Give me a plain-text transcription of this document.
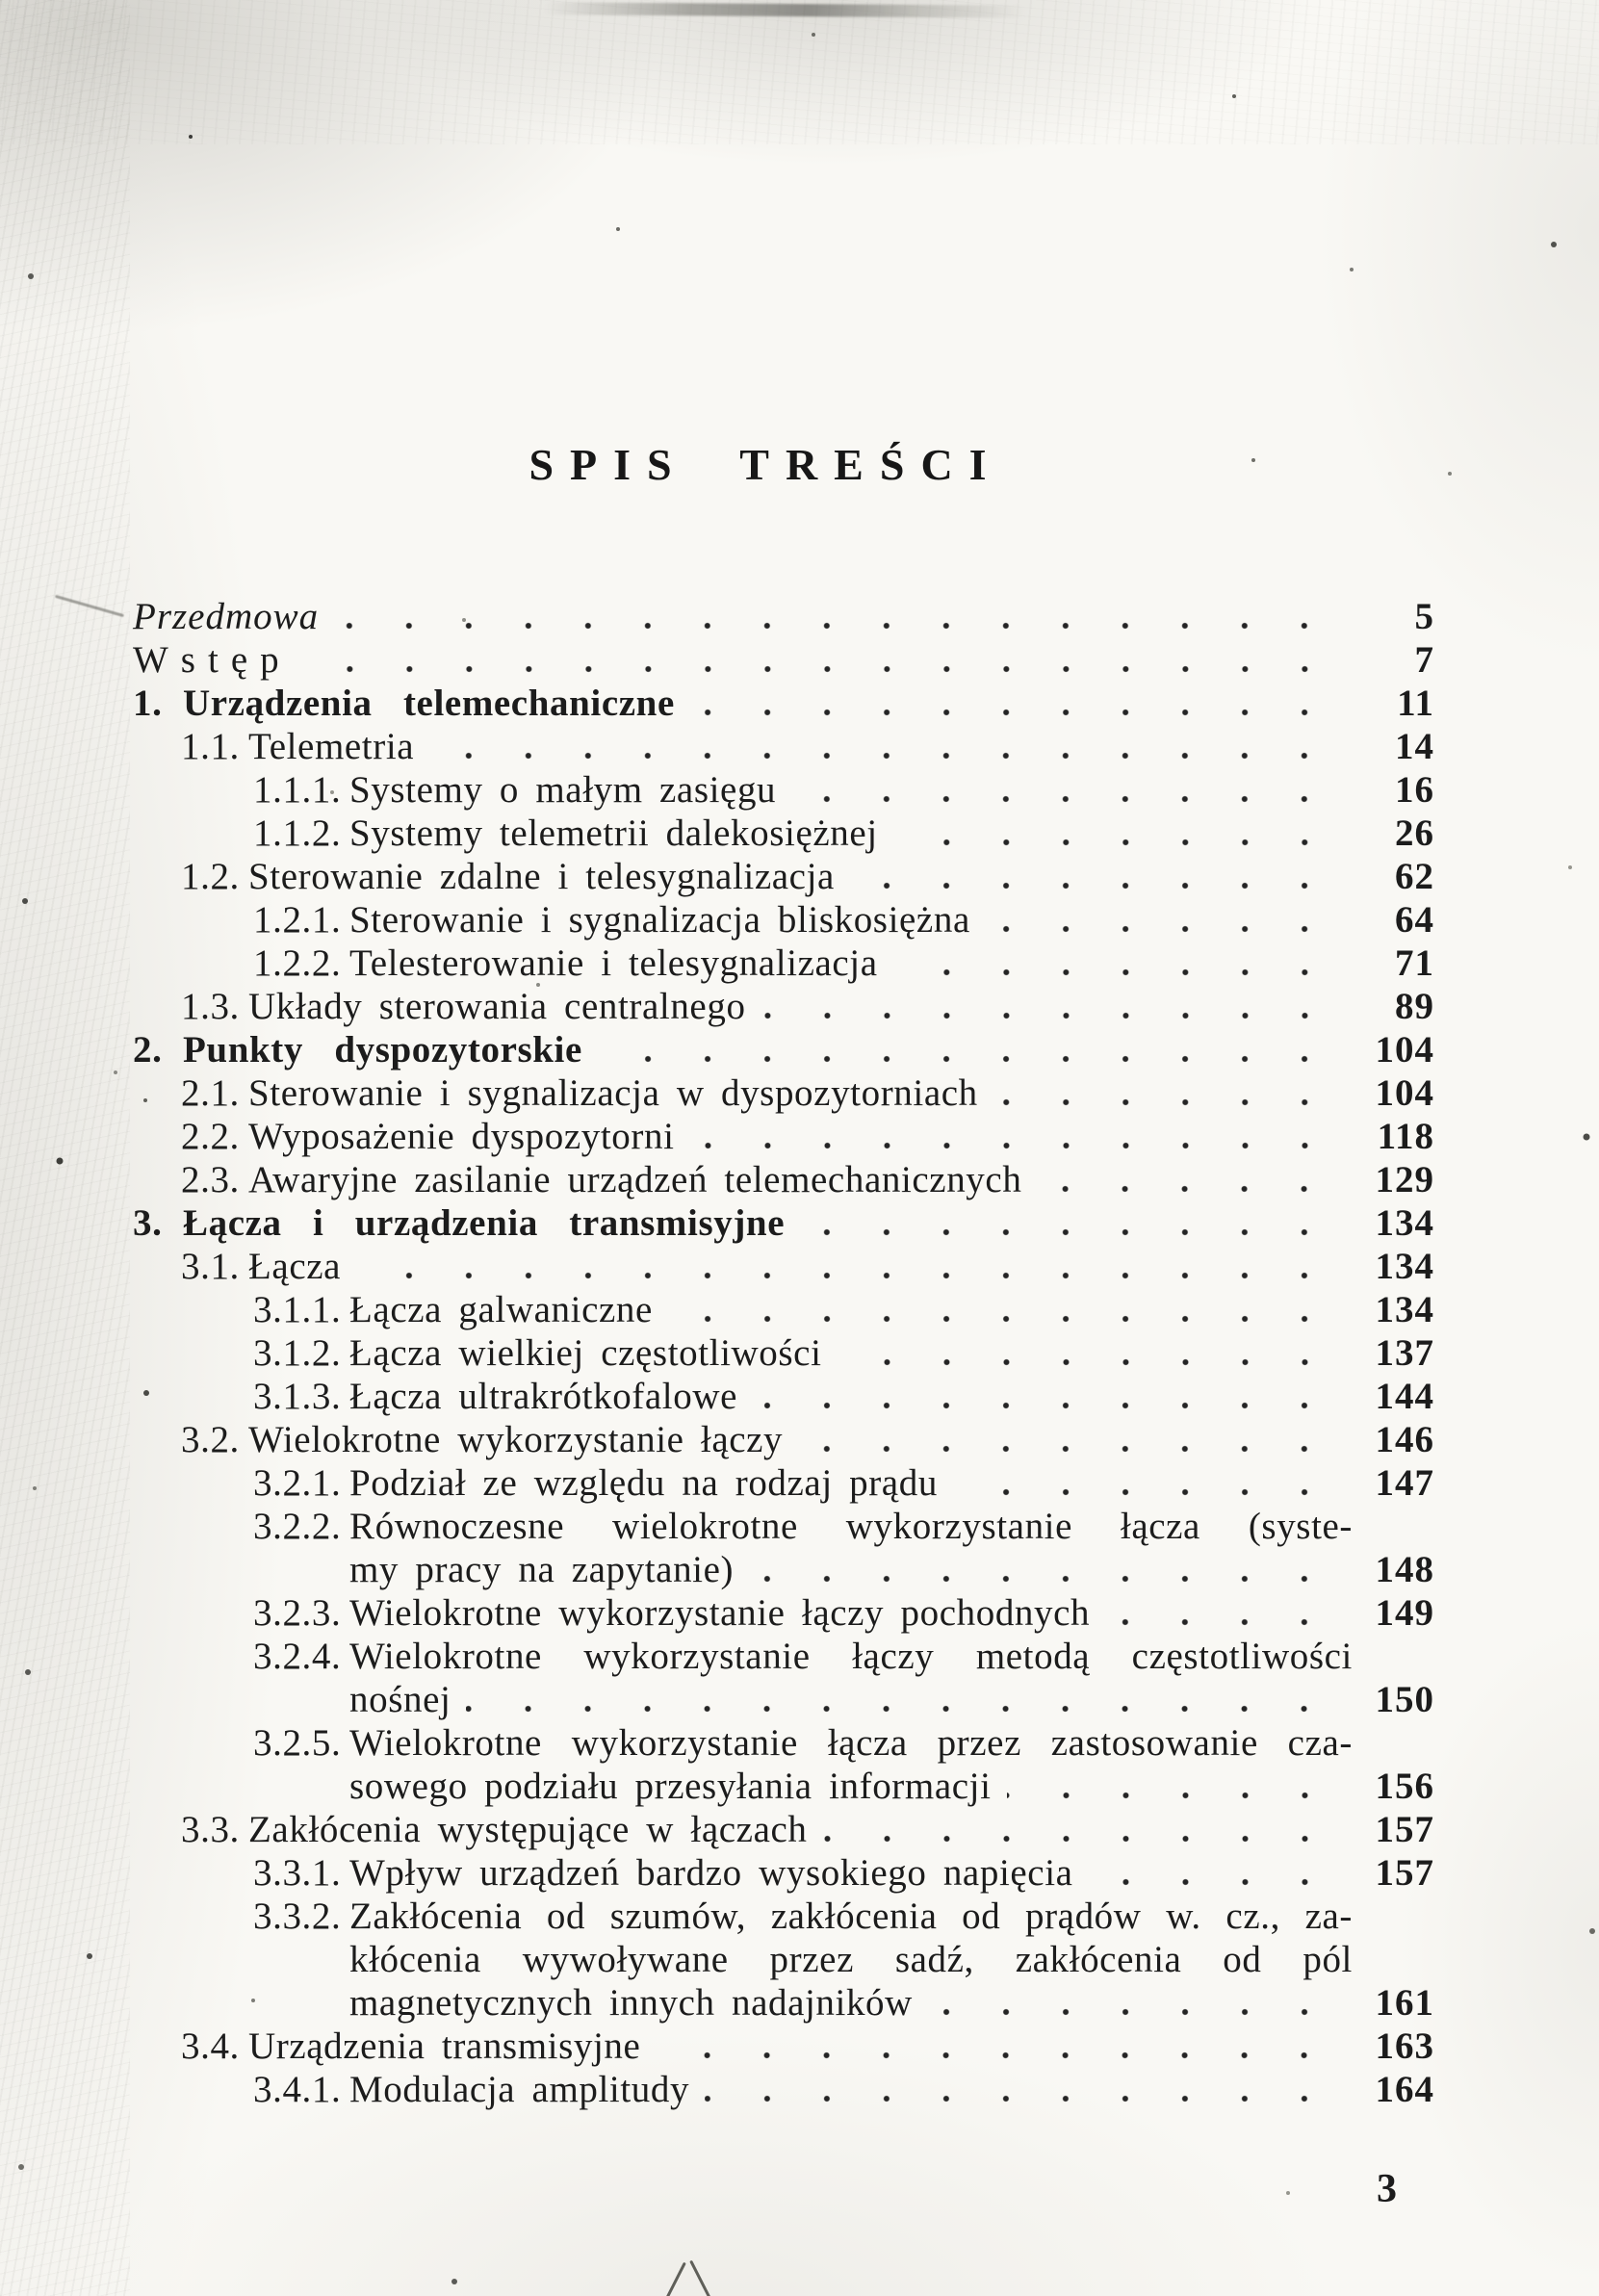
SPIS TREŚCI
Przedmowa	5
Wstęp	7
1. Urządzenia telemechaniczne	11
1.1. Telemetria	14
1.1.1. Systemy o małym zasięgu	16
1.1.2. Systemy telemetrii dalekosiężnej	26
1.2. Sterowanie zdalne i telesygnalizacja	62
1.2.1. Sterowanie i sygnalizacja bliskosiężna	64
1.2.2. Telesterowanie i telesygnalizacja	71
1.3. Układy sterowania centralnego	89
2. Punkty dyspozytorskie	104
2.1. Sterowanie i sygnalizacja w dyspozytorniach	104
2.2. Wyposażenie dyspozytorni	118
2.3. Awaryjne zasilanie urządzeń telemechanicznych	129
3. Łącza i urządzenia transmisyjne	134
3.1. Łącza	134
3.1.1. Łącza galwaniczne	134
3.1.2. Łącza wielkiej częstotliwości	137
3.1.3. Łącza ultrakrótkofalowe	144
3.2. Wielokrotne wykorzystanie łączy	146
3.2.1. Podział ze względu na rodzaj prądu	147
3.2.2. Równoczesne wielokrotne wykorzystanie łącza (syste-
my pracy na zapytanie)	148
3.2.3. Wielokrotne wykorzystanie łączy pochodnych	149
3.2.4. Wielokrotne wykorzystanie łączy metodą częstotliwości
nośnej	150
3.2.5. Wielokrotne wykorzystanie łącza przez zastosowanie cza-
sowego podziału przesyłania informacji	156
3.3. Zakłócenia występujące w łączach	157
3.3.1. Wpływ urządzeń bardzo wysokiego napięcia	157
3.3.2. Zakłócenia od szumów, zakłócenia od prądów w. cz., za-
kłócenia wywoływane przez sadź, zakłócenia od pól
magnetycznych innych nadajników	161
3.4. Urządzenia transmisyjne	163
3.4.1. Modulacja amplitudy	164
3
